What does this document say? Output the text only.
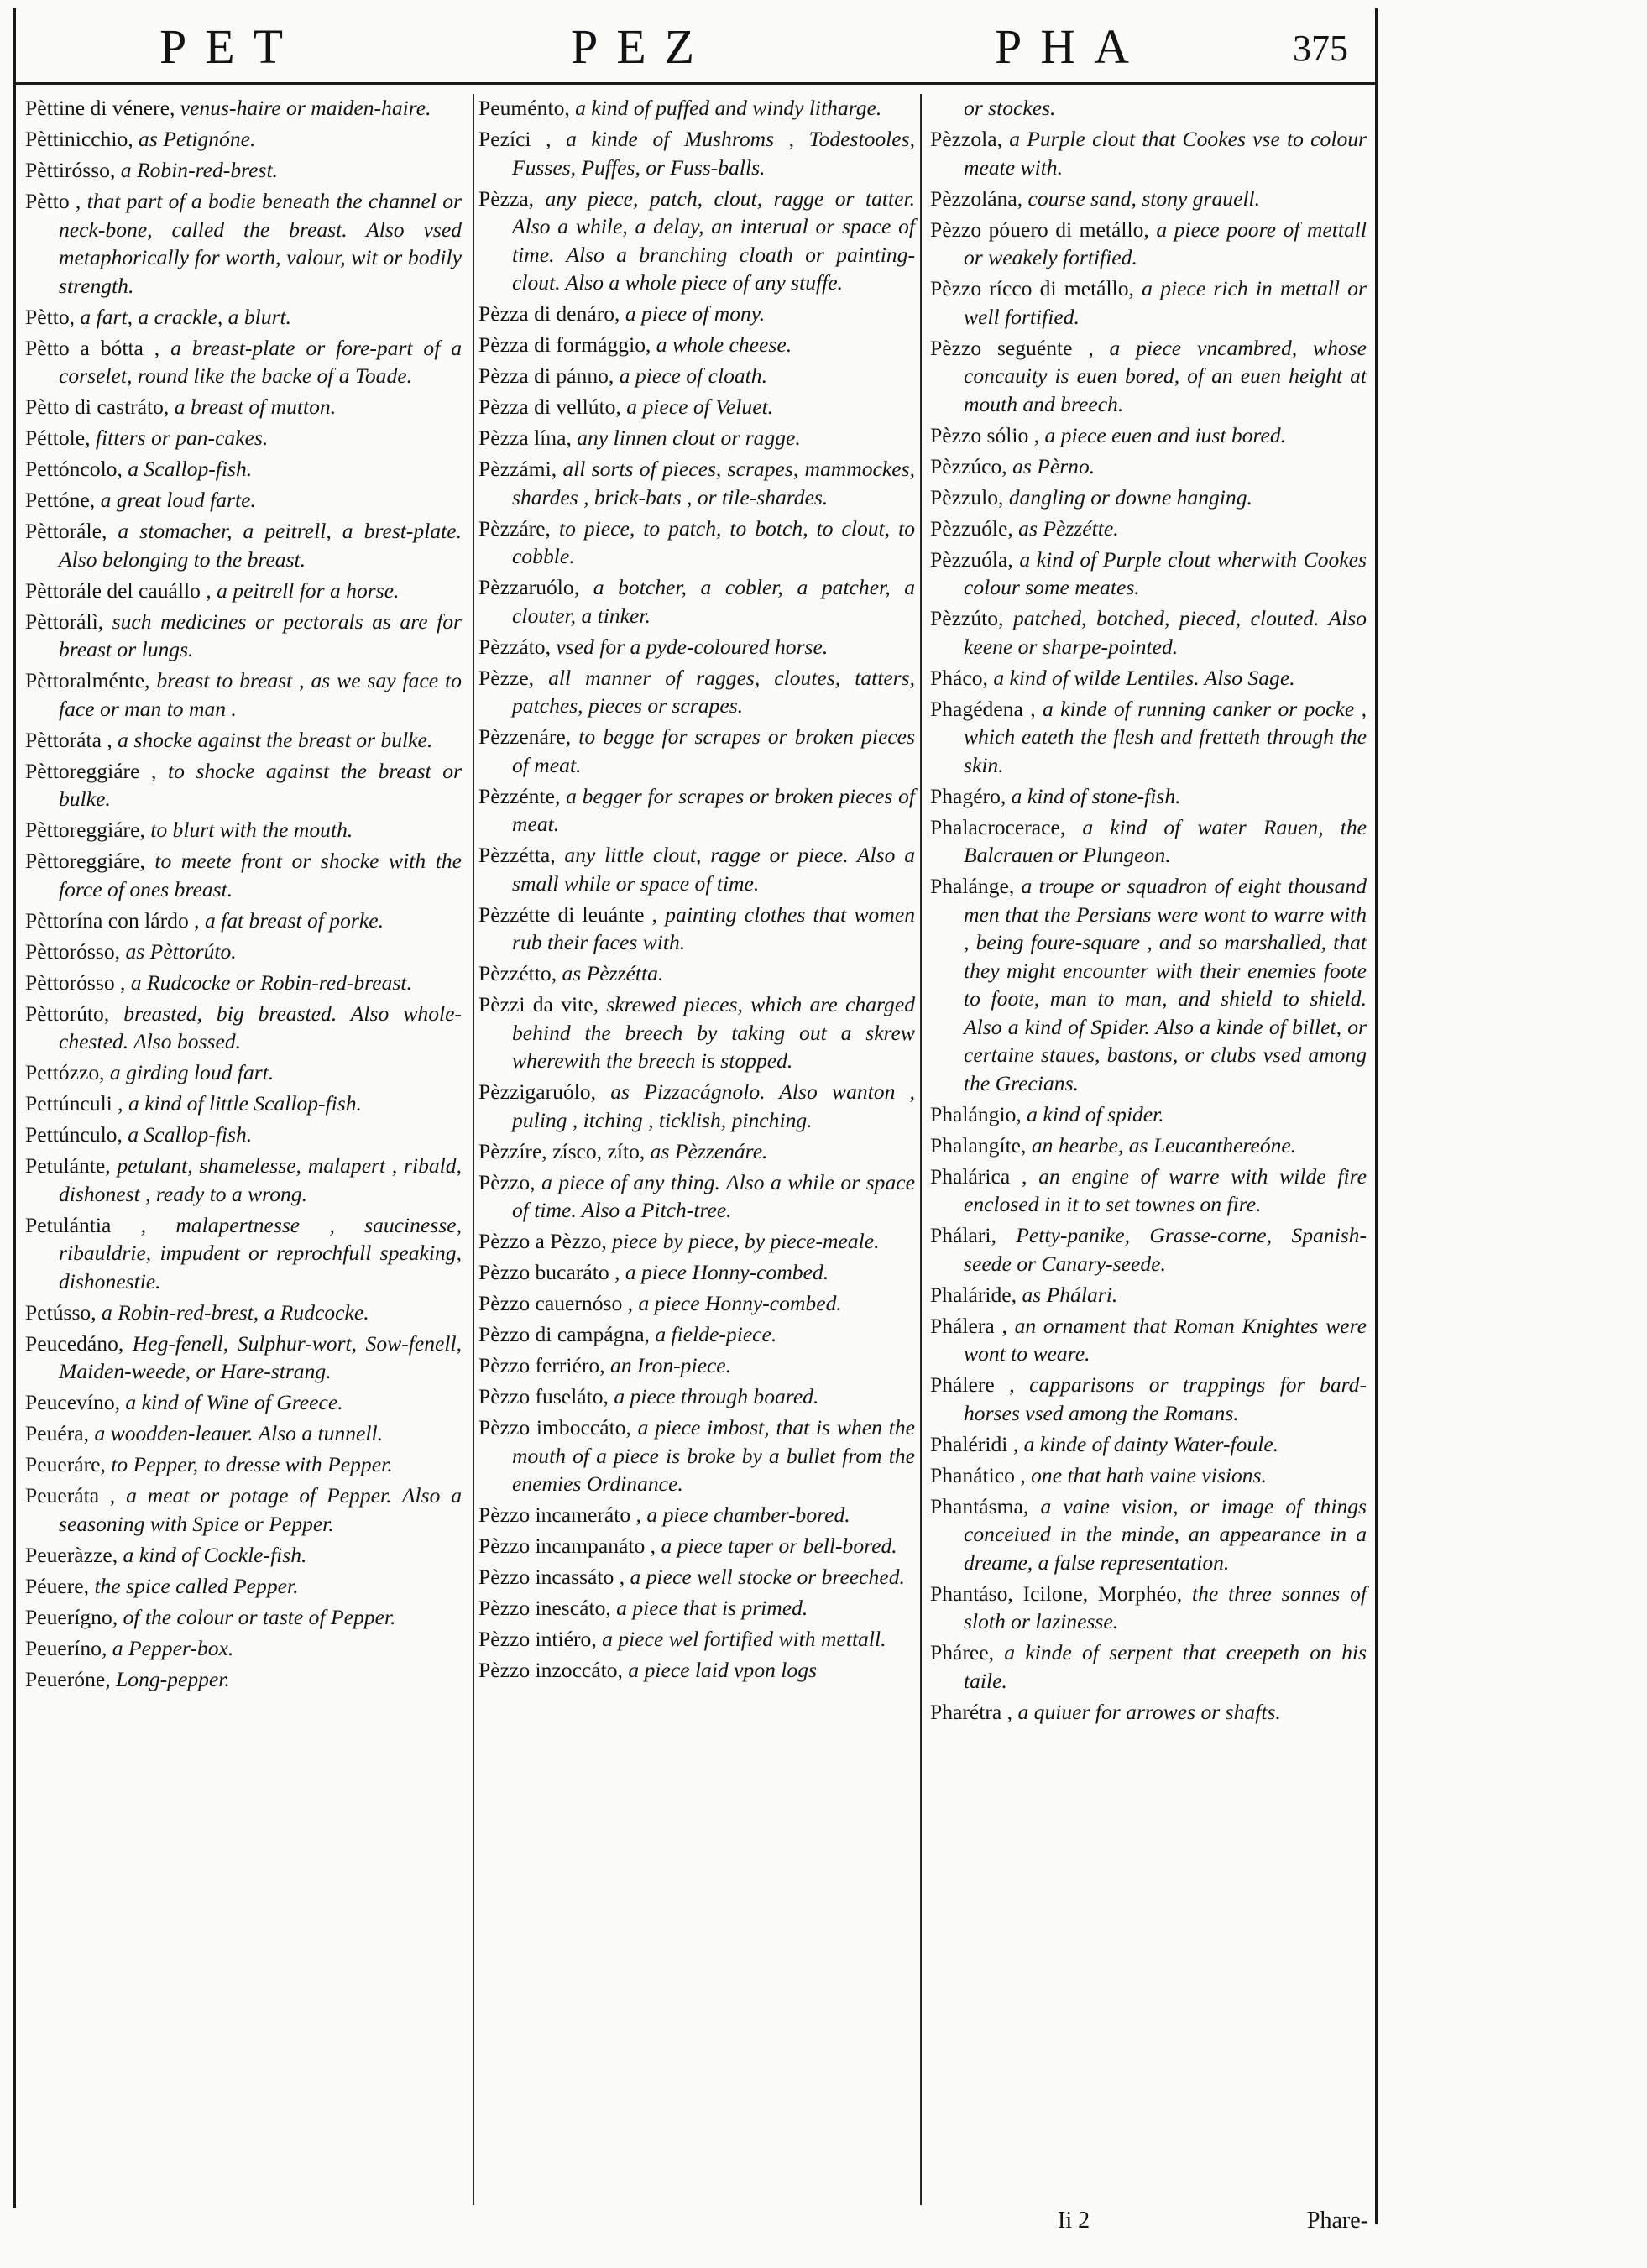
PET	PEZ	PHA	375

Pèttine di vénere, venus-haire or maiden-haire.

Pèttinicchio, as Petignóne.

Pèttirósso, a Robin-red-brest.

Pètto , that part of a bodie beneath the channel or neck-bone, called the breast. Also vsed metaphorically for worth, valour, wit or bodily strength.

Pètto, a fart, a crackle, a blurt.

Pètto a bótta , a breast-plate or fore-part of a corselet, round like the backe of a Toade.

Pètto di castráto, a breast of mutton.

Péttole, fitters or pan-cakes.

Pettóncolo, a Scallop-fish.

Pettóne, a great loud farte.

Pèttorále, a stomacher, a peitrell, a brest-plate. Also belonging to the breast.

Pèttorále del cauállo , a peitrell for a horse.

Pèttorálì, such medicines or pectorals as are for breast or lungs.

Pèttoralménte, breast to breast , as we say face to face or man to man .

Pèttoráta , a shocke against the breast or bulke.

Pèttoreggiáre , to shocke against the breast or bulke.

Pèttoreggiáre, to blurt with the mouth.

Pèttoreggiáre, to meete front or shocke with the force of ones breast.

Pèttorína con lárdo , a fat breast of porke.

Pèttorósso, as Pèttorúto.

Pèttorósso , a Rudcocke or Robin-red-breast.

Pèttorúto, breasted, big breasted. Also whole-chested. Also bossed.

Pettózzo, a girding loud fart.

Pettúnculi , a kind of little Scallop-fish.

Pettúnculo, a Scallop-fish.

Petulánte, petulant, shamelesse, malapert , ribald, dishonest , ready to a wrong.

Petulántia , malapertnesse , saucinesse, ribauldrie, impudent or reprochfull speaking, dishonestie.

Petússo, a Robin-red-brest, a Rudcocke.

Peucedáno, Heg-fenell, Sulphur-wort, Sow-fenell, Maiden-weede, or Hare-strang.

Peucevíno, a kind of Wine of Greece.

Peuéra, a woodden-leauer. Also a tunnell.

Peueráre, to Pepper, to dresse with Pepper.

Peueráta , a meat or potage of Pepper. Also a seasoning with Spice or Pepper.

Peueràzze, a kind of Cockle-fish.

Péuere, the spice called Pepper.

Peuerígno, of the colour or taste of Pepper.

Peueríno, a Pepper-box.

Peueróne, Long-pepper.

Peuménto, a kind of puffed and windy litharge.

Pezíci , a kinde of Mushroms , Todestooles, Fusses, Puffes, or Fuss-balls.

Pèzza, any piece, patch, clout, ragge or tatter. Also a while, a delay, an interual or space of time. Also a branching cloath or painting-clout. Also a whole piece of any stuffe.

Pèzza di denáro, a piece of mony.

Pèzza di formággio, a whole cheese.

Pèzza di pánno, a piece of cloath.

Pèzza di vellúto, a piece of Veluet.

Pèzza lína, any linnen clout or ragge.

Pèzzámi, all sorts of pieces, scrapes, mammockes, shardes , brick-bats , or tile-shardes.

Pèzzáre, to piece, to patch, to botch, to clout, to cobble.

Pèzzaruólo, a botcher, a cobler, a patcher, a clouter, a tinker.

Pèzzáto, vsed for a pyde-coloured horse.

Pèzze, all manner of ragges, cloutes, tatters, patches, pieces or scrapes.

Pèzzenáre, to begge for scrapes or broken pieces of meat.

Pèzzénte, a begger for scrapes or broken pieces of meat.

Pèzzétta, any little clout, ragge or piece. Also a small while or space of time.

Pèzzétte di leuánte , painting clothes that women rub their faces with.

Pèzzétto, as Pèzzétta.

Pèzzi da vite, skrewed pieces, which are charged behind the breech by taking out a skrew wherewith the breech is stopped.

Pèzzigaruólo, as Pizzacágnolo. Also wanton , puling , itching , ticklish, pinching.

Pèzzíre, zísco, zíto, as Pèzzenáre.

Pèzzo, a piece of any thing. Also a while or space of time. Also a Pitch-tree.

Pèzzo a Pèzzo, piece by piece, by piece-meale.

Pèzzo bucaráto , a piece Honny-combed.

Pèzzo cauernóso , a piece Honny-combed.

Pèzzo di campágna, a fielde-piece.

Pèzzo ferriéro, an Iron-piece.

Pèzzo fuseláto, a piece through boared.

Pèzzo imboccáto, a piece imbost, that is when the mouth of a piece is broke by a bullet from the enemies Ordinance.

Pèzzo incameráto , a piece chamber-bored.

Pèzzo incampanáto , a piece taper or bell-bored.

Pèzzo incassáto , a piece well stocke or breeched.

Pèzzo inescáto, a piece that is primed.

Pèzzo intiéro, a piece wel fortified with mettall.

Pèzzo inzoccáto, a piece laid vpon logs

or stockes.

Pèzzola, a Purple clout that Cookes vse to colour meate with.

Pèzzolána, course sand, stony grauell.

Pèzzo póuero di metállo, a piece poore of mettall or weakely fortified.

Pèzzo rícco di metállo, a piece rich in mettall or well fortified.

Pèzzo seguénte , a piece vncambred, whose concauity is euen bored, of an euen height at mouth and breech.

Pèzzo sólio , a piece euen and iust bored.

Pèzzúco, as Pèrno.

Pèzzulo, dangling or downe hanging.

Pèzzuóle, as Pèzzétte.

Pèzzuóla, a kind of Purple clout wherwith Cookes colour some meates.

Pèzzúto, patched, botched, pieced, clouted. Also keene or sharpe-pointed.

Pháco, a kind of wilde Lentiles. Also Sage.

Phagédena , a kinde of running canker or pocke , which eateth the flesh and fretteth through the skin.

Phagéro, a kind of stone-fish.

Phalacrocerace, a kind of water Rauen, the Balcrauen or Plungeon.

Phalánge, a troupe or squadron of eight thousand men that the Persians were wont to warre with , being foure-square , and so marshalled, that they might encounter with their enemies foote to foote, man to man, and shield to shield. Also a kind of Spider. Also a kinde of billet, or certaine staues, bastons, or clubs vsed among the Grecians.

Phalángio, a kind of spider.

Phalangíte, an hearbe, as Leucanthereóne.

Phalárica , an engine of warre with wilde fire enclosed in it to set townes on fire.

Phálari, Petty-panike, Grasse-corne, Spanish-seede or Canary-seede.

Phaláride, as Phálari.

Phálera , an ornament that Roman Knightes were wont to weare.

Phálere , capparisons or trappings for bard-horses vsed among the Romans.

Phaléridi , a kinde of dainty Water-foule.

Phanático , one that hath vaine visions.

Phantásma, a vaine vision, or image of things conceiued in the minde, an appearance in a dreame, a false representation.

Phantáso, Icilone, Morphéo, the three sonnes of sloth or lazinesse.

Pháree, a kinde of serpent that creepeth on his taile.

Pharétra , a quiuer for arrowes or shafts.

Ii 2	Phare-
